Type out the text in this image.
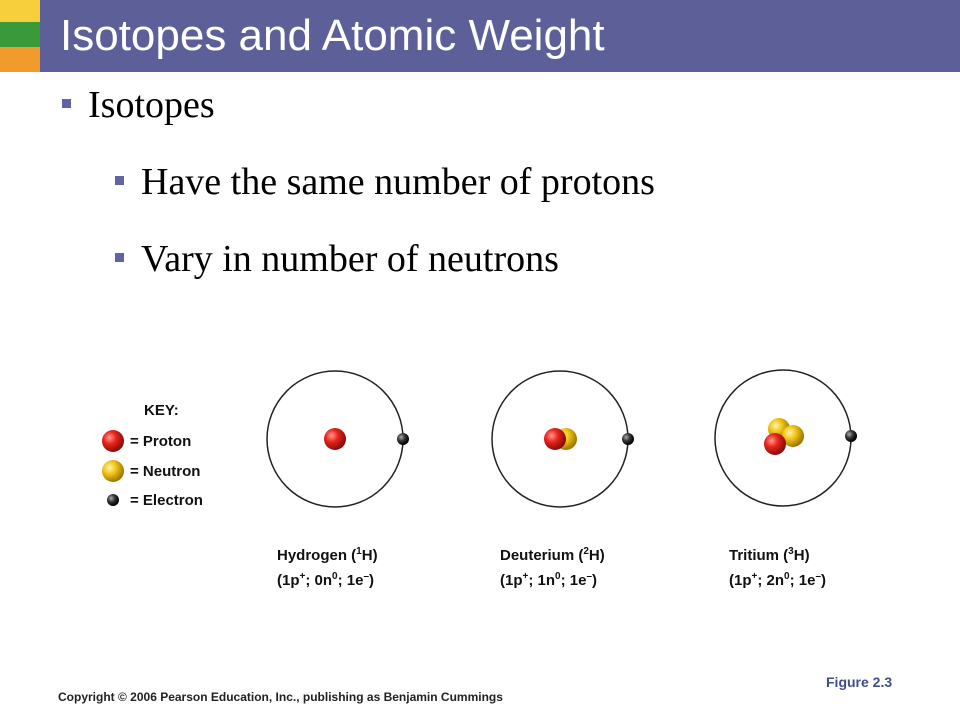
Isotopes and Atomic Weight
Isotopes
Have the same number of protons
Vary in number of neutrons
KEY:
= Proton
= Neutron
= Electron
Hydrogen ($^1$H)
(1p+; $0n^0$; 1e–)
Deuterium ($^2$H)
(1p+; $1n^0$; 1e–)
Tritium ($^3$H)
(1p+; $2n^0$; 1e–)
Figure 2.3
Copyright © 2006 Pearson Education, Inc., publishing as Benjamin Cummings
